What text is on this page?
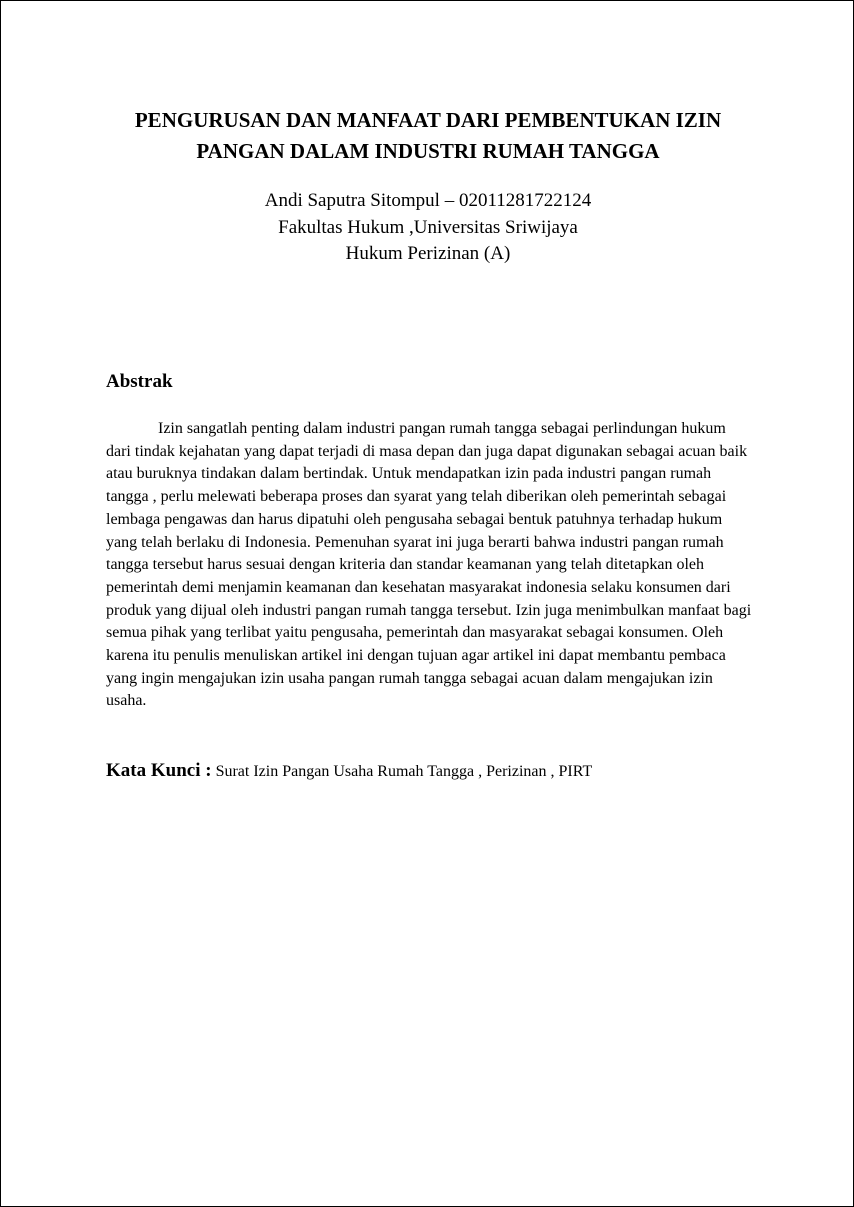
PENGURUSAN DAN MANFAAT DARI PEMBENTUKAN IZIN
PANGAN DALAM INDUSTRI RUMAH TANGGA
Andi Saputra Sitompul – 02011281722124
Fakultas Hukum ,Universitas Sriwijaya
Hukum Perizinan (A)
Abstrak

Izin sangatlah penting dalam industri pangan rumah tangga sebagai perlindungan hukum dari tindak kejahatan yang dapat terjadi di masa depan dan juga dapat digunakan sebagai acuan baik atau buruknya tindakan dalam bertindak. Untuk mendapatkan izin pada industri pangan rumah tangga , perlu melewati beberapa proses dan syarat yang telah diberikan oleh pemerintah sebagai lembaga pengawas dan harus dipatuhi oleh pengusaha sebagai bentuk patuhnya terhadap hukum yang telah berlaku di Indonesia. Pemenuhan syarat ini juga berarti bahwa industri pangan rumah tangga tersebut harus sesuai dengan kriteria dan standar keamanan yang telah ditetapkan oleh pemerintah demi menjamin keamanan dan kesehatan masyarakat indonesia selaku konsumen dari produk yang dijual oleh industri pangan rumah tangga tersebut. Izin juga menimbulkan manfaat bagi semua pihak yang terlibat yaitu pengusaha, pemerintah dan masyarakat sebagai konsumen. Oleh karena itu penulis menuliskan artikel ini dengan tujuan agar artikel ini dapat membantu pembaca yang ingin mengajukan izin usaha pangan rumah tangga sebagai acuan dalam mengajukan izin usaha.

Kata Kunci : Surat Izin Pangan Usaha Rumah Tangga , Perizinan , PIRT
